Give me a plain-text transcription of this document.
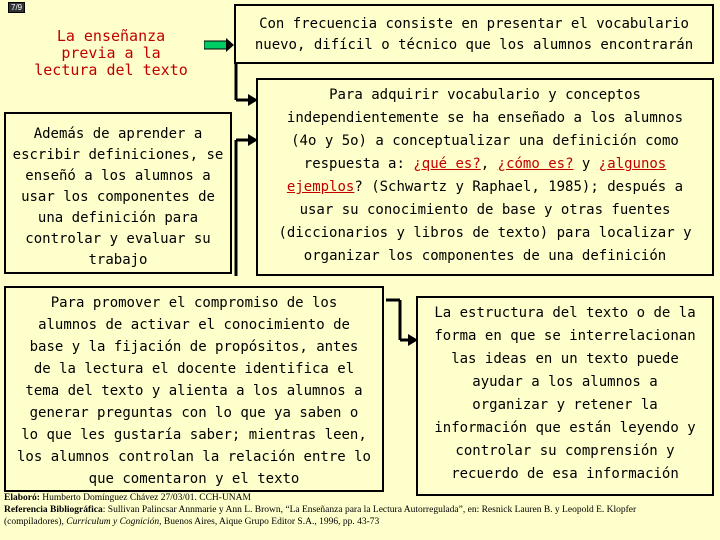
7/9
La enseñanza
previa a la
lectura del texto
Con frecuencia consiste en presentar el vocabulario
nuevo, difícil o técnico que los alumnos encontrarán
Además de aprender a
escribir definiciones, se
enseñó a los alumnos a
usar los componentes de
una definición para
controlar y evaluar su
trabajo
Para adquirir vocabulario y conceptos
independientemente se ha enseñado a los alumnos
(4o y 5o) a conceptualizar una definición como
respuesta a: ¿qué es?, ¿cómo es? y ¿algunos
ejemplos? (Schwartz y Raphael, 1985); después a
usar su conocimiento de base y otras fuentes
(diccionarios y libros de texto) para localizar y
organizar los componentes de una definición
Para promover el compromiso de los
alumnos de activar el conocimiento de
base y la fijación de propósitos, antes
de la lectura el docente identifica el
tema del texto y alienta a los alumnos a
generar preguntas con lo que ya saben o
lo que les gustaría saber; mientras leen,
los alumnos controlan la relación entre lo
que comentaron y el texto
La estructura del texto o de la
forma en que se interrelacionan
las ideas en un texto puede
ayudar a los alumnos a
organizar y retener la
información que están leyendo y
controlar su comprensión y
recuerdo de esa información
Elaboró: Humberto Domínguez Chávez 27/03/01. CCH-UNAM
Referencia Bibliográfica: Sullivan Palincsar Annmarie y Ann L. Brown, “La Enseñanza para la Lectura Autorregulada”, en: Resnick Lauren B. y Leopold E. Klopfer
(compiladores), Curriculum y Cognición, Buenos Aires, Aique Grupo Editor S.A., 1996, pp. 43-73
